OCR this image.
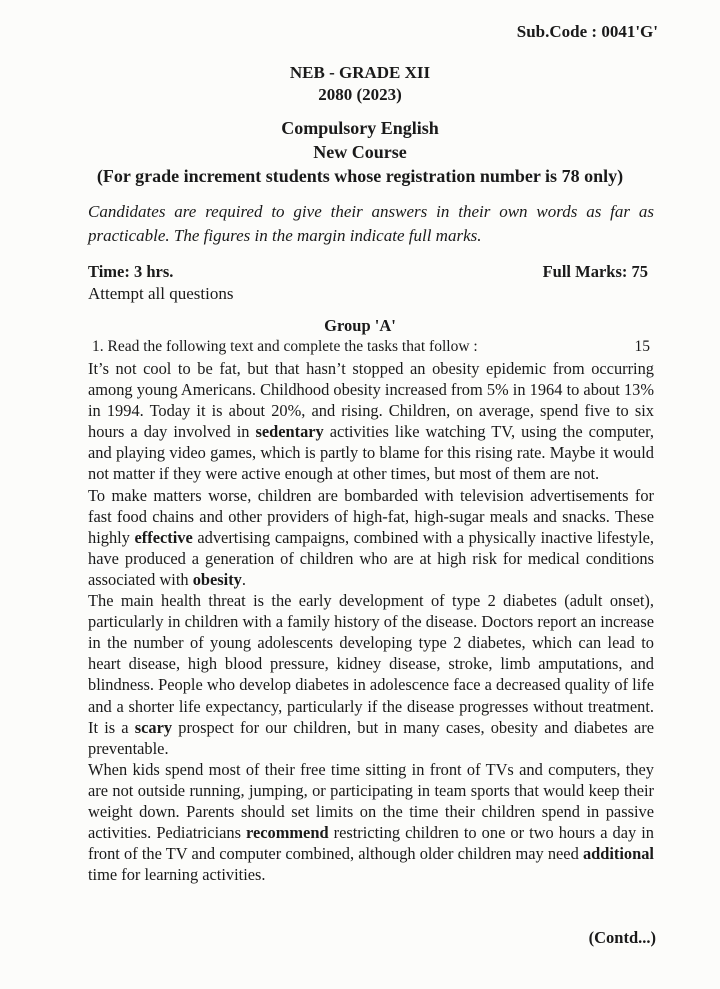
Sub.Code : 0041'G'
NEB - GRADE XII
2080 (2023)
Compulsory English
New Course
(For grade increment students whose registration number is 78 only)
Candidates are required to give their answers in their own words as far as practicable. The figures in the margin indicate full marks.
Time: 3 hrs.	Full Marks: 75
Attempt all questions
Group 'A'
1. Read the following text and complete the tasks that follow :	15

It’s not cool to be fat, but that hasn’t stopped an obesity epidemic from occurring among young Americans. Childhood obesity increased from 5% in 1964 to about 13% in 1994. Today it is about 20%, and rising. Children, on average, spend five to six hours a day involved in sedentary activities like watching TV, using the computer, and playing video games, which is partly to blame for this rising rate. Maybe it would not matter if they were active enough at other times, but most of them are not.

To make matters worse, children are bombarded with television advertisements for fast food chains and other providers of high-fat, high-sugar meals and snacks. These highly effective advertising campaigns, combined with a physically inactive lifestyle, have produced a generation of children who are at high risk for medical conditions associated with obesity.

The main health threat is the early development of type 2 diabetes (adult onset), particularly in children with a family history of the disease. Doctors report an increase in the number of young adolescents developing type 2 diabetes, which can lead to heart disease, high blood pressure, kidney disease, stroke, limb amputations, and blindness. People who develop diabetes in adolescence face a decreased quality of life and a shorter life expectancy, particularly if the disease progresses without treatment. It is a scary prospect for our children, but in many cases, obesity and diabetes are preventable.

When kids spend most of their free time sitting in front of TVs and computers, they are not outside running, jumping, or participating in team sports that would keep their weight down. Parents should set limits on the time their children spend in passive activities. Pediatricians recommend restricting children to one or two hours a day in front of the TV and computer combined, although older children may need additional time for learning activities.

(Contd...)
